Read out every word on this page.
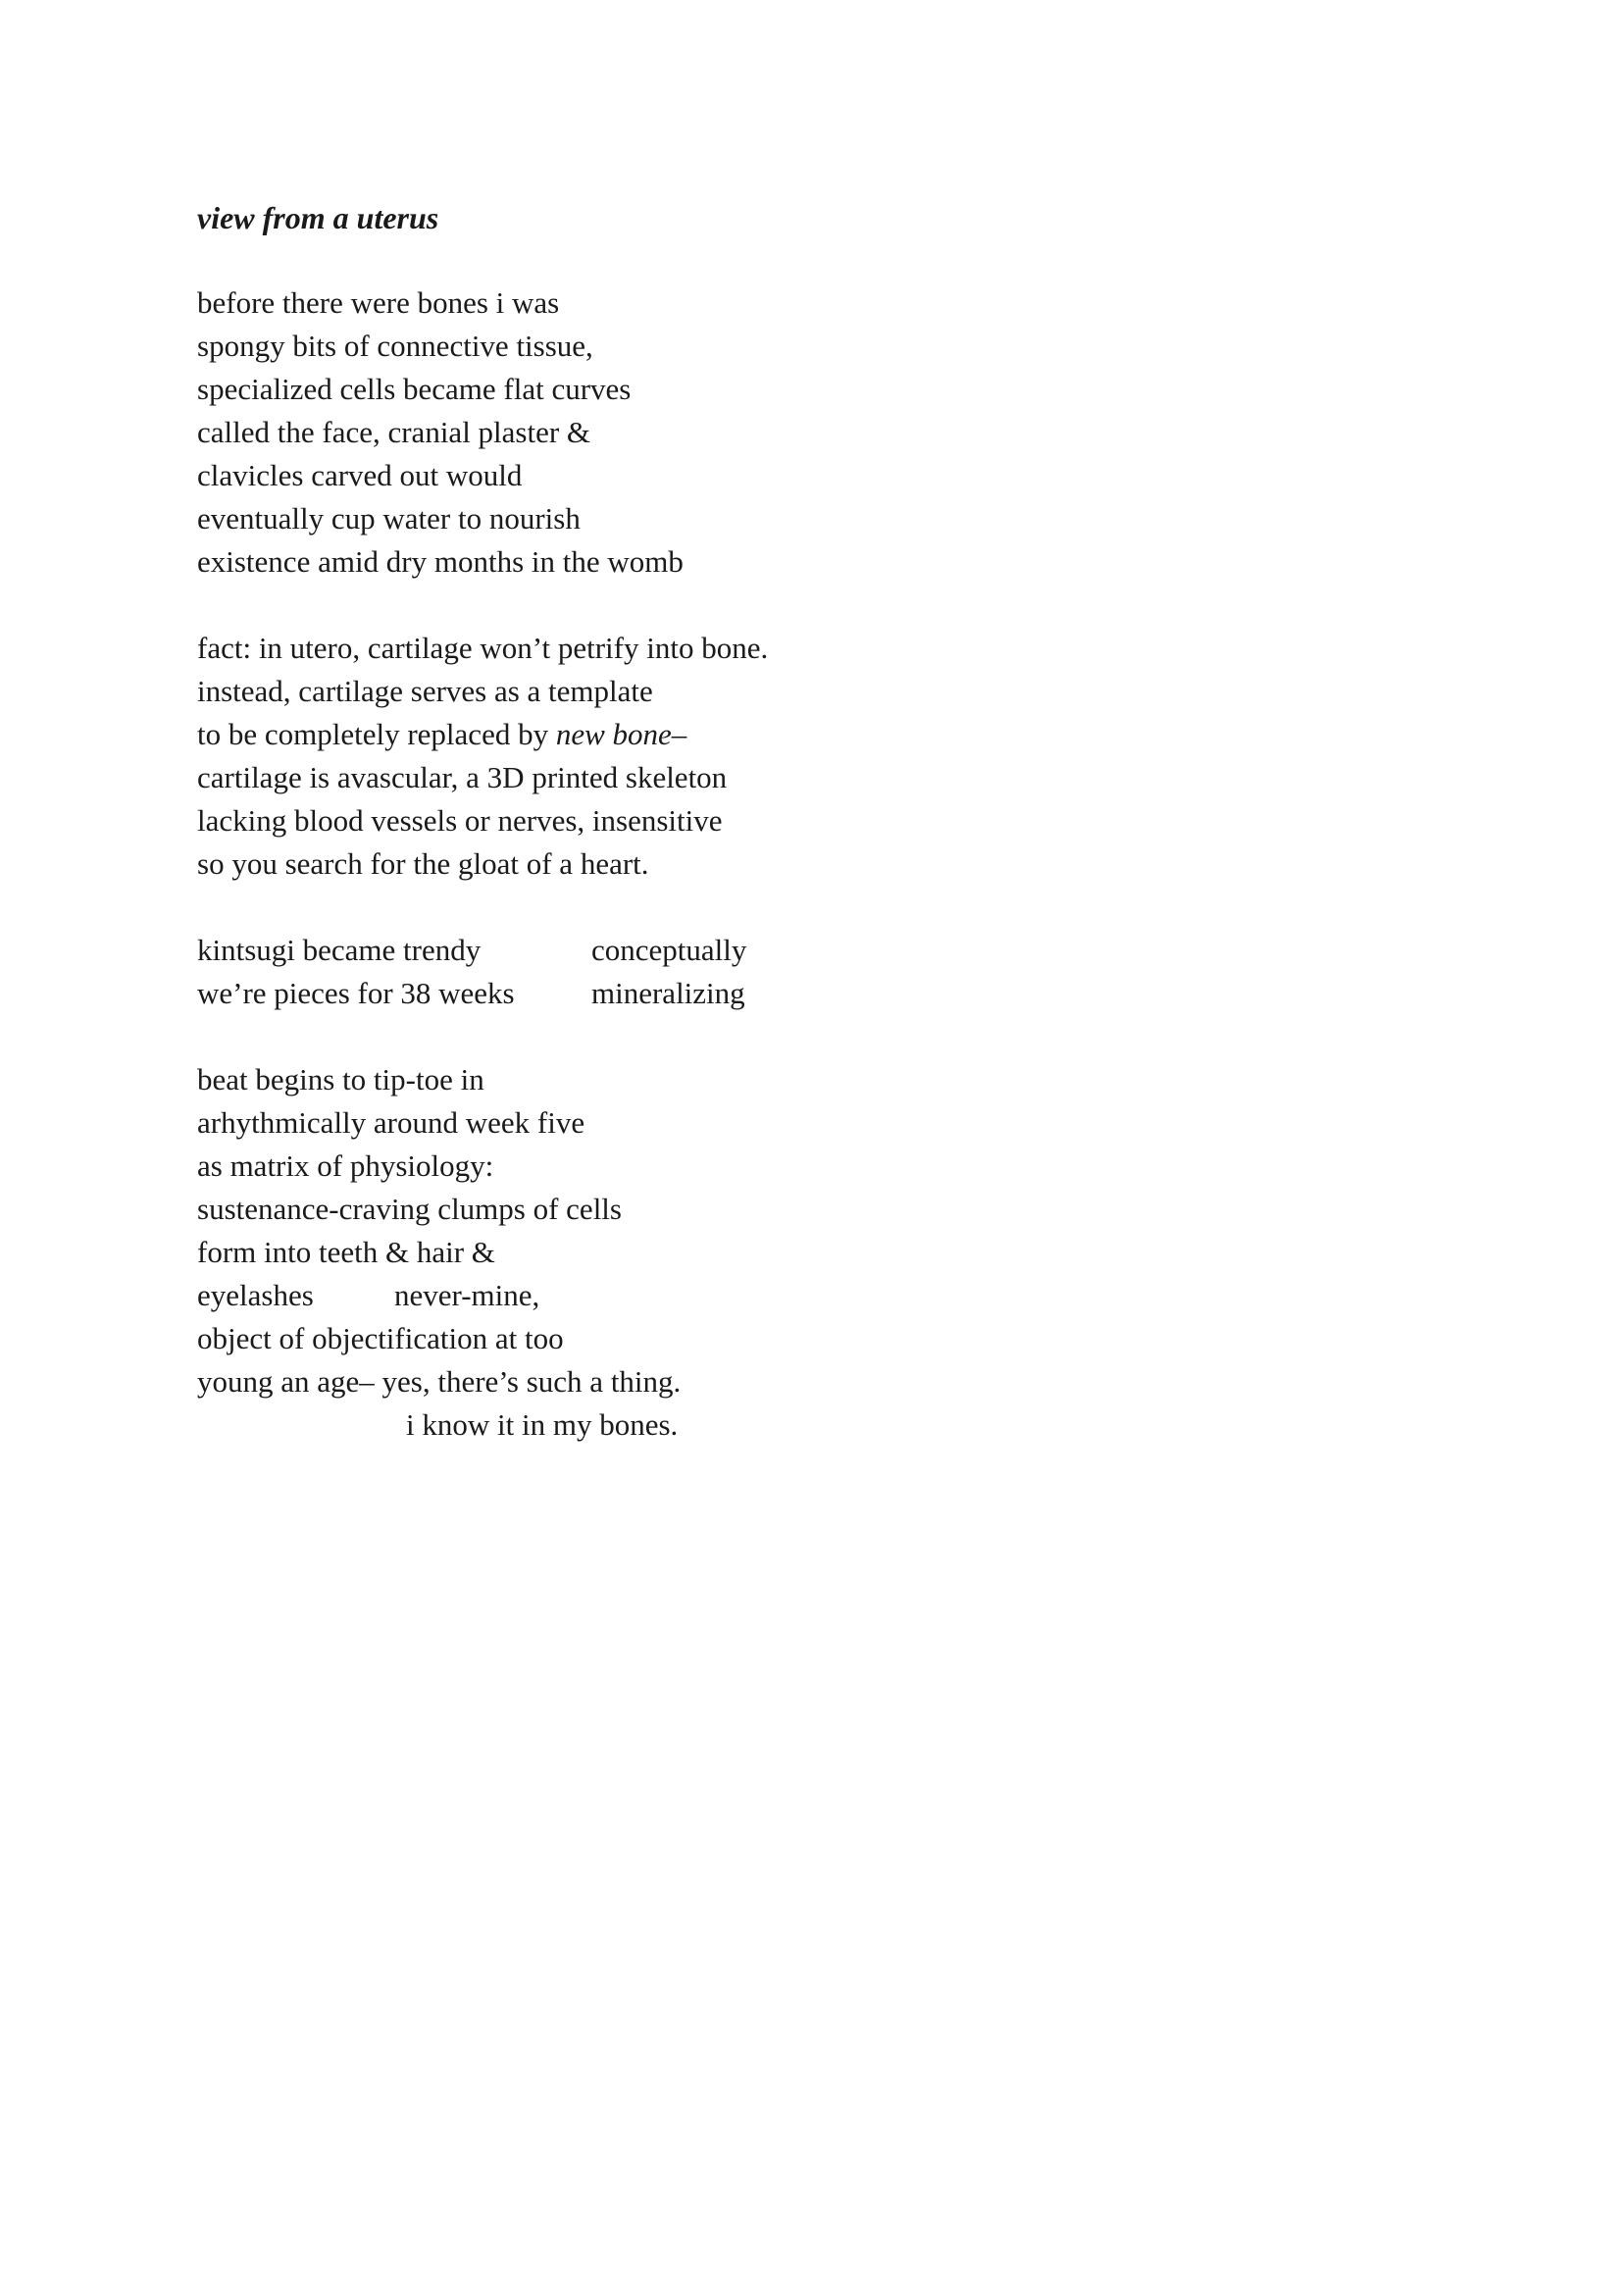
view from a uterus
before there were bones i was
spongy bits of connective tissue,
specialized cells became flat curves
called the face, cranial plaster &
clavicles carved out would
eventually cup water to nourish
existence amid dry months in the womb
fact: in utero, cartilage won’t petrify into bone.
instead, cartilage serves as a template
to be completely replaced by new bone–
cartilage is avascular, a 3D printed skeleton
lacking blood vessels or nerves, insensitive
so you search for the gloat of a heart.
kintsugi became trendy	conceptually
we’re pieces for 38 weeks	mineralizing
beat begins to tip-toe in
arhythmically around week five
as matrix of physiology:
sustenance-craving clumps of cells
form into teeth & hair &
eyelashes	never-mine,
object of objectification at too
young an age– yes, there’s such a thing.
i know it in my bones.
